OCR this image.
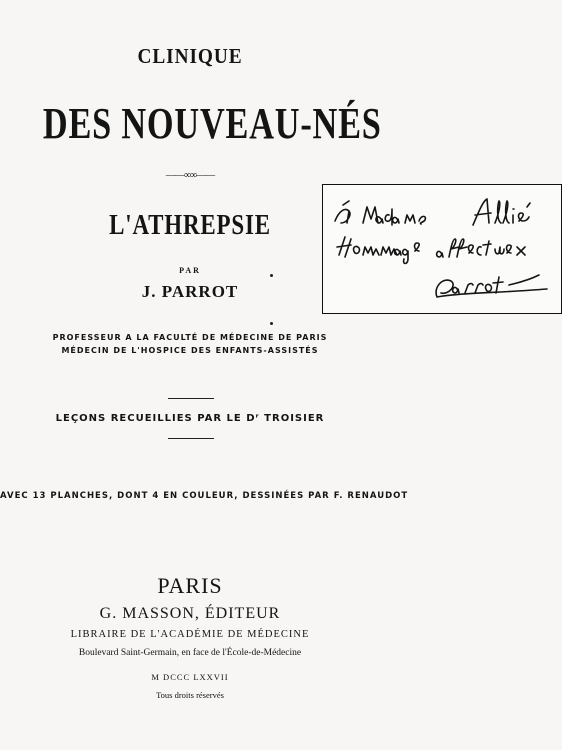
CLINIQUE
DES NOUVEAU-NÉS
——∞∞——
L'ATHREPSIE
PAR
J. PARROT
PROFESSEUR A LA FACULTÉ DE MÉDECINE DE PARIS
MÉDECIN DE L'HOSPICE DES ENFANTS-ASSISTÉS
LEÇONS RECUEILLIES PAR LE Dʳ TROISIER
AVEC 13 PLANCHES, DONT 4 EN COULEUR, DESSINÉES PAR F. RENAUDOT
PARIS
G. MASSON, ÉDITEUR
LIBRAIRE DE L'ACADÉMIE DE MÉDECINE
Boulevard Saint-Germain, en face de l'École-de-Médecine
M DCCC LXXVII
Tous droits réservés
